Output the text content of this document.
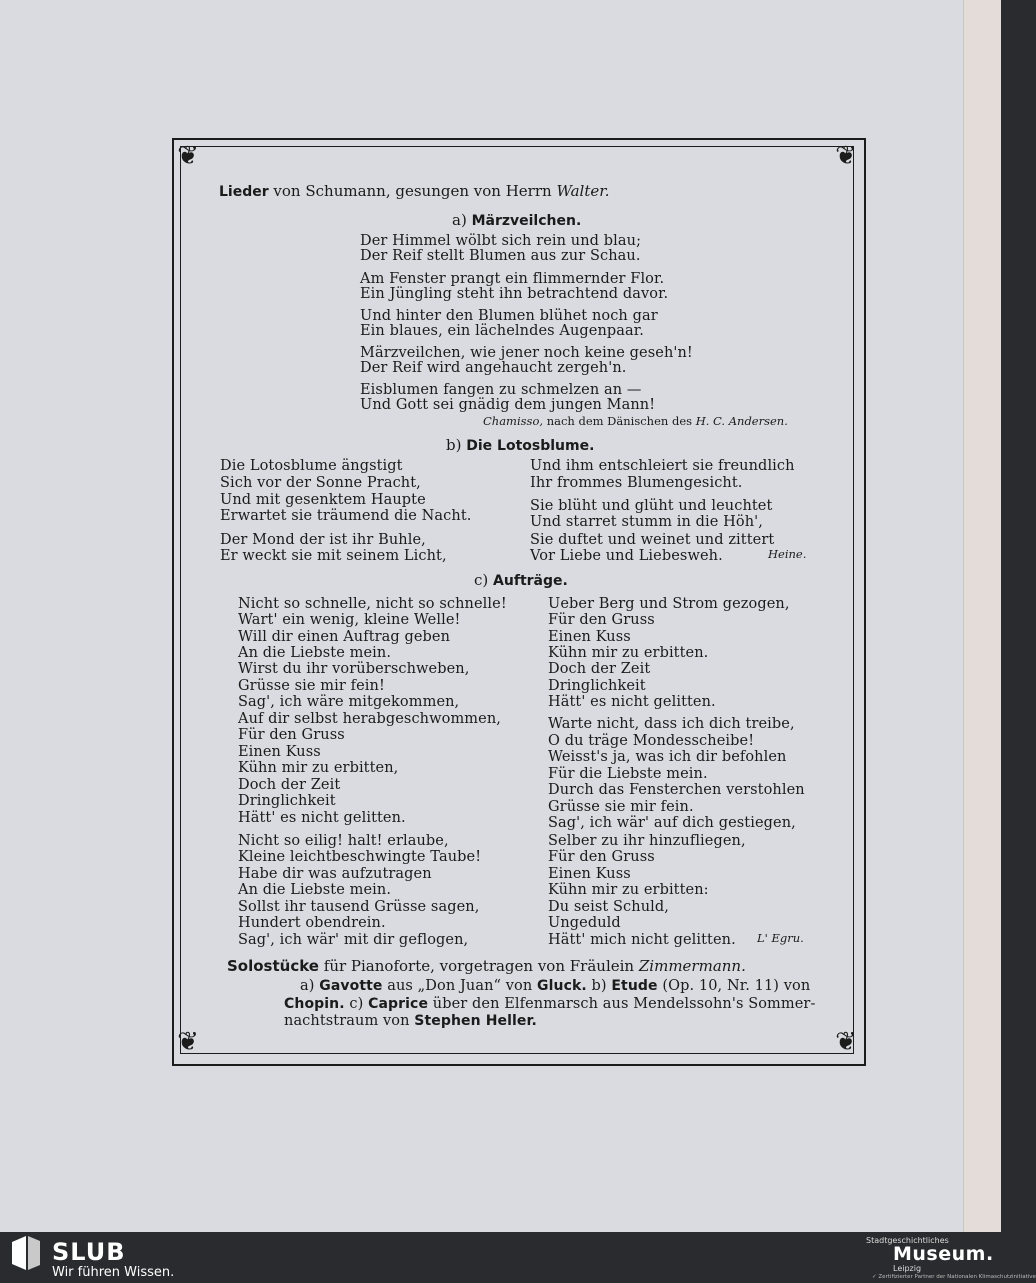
❦	❦
❦	❦
Lieder von Schumann, gesungen von Herrn Walter.
a) Märzveilchen.
Der Himmel wölbt sich rein und blau;
Der Reif stellt Blumen aus zur Schau.
Am Fenster prangt ein flimmernder Flor.
Ein Jüngling steht ihn betrachtend davor.
Und hinter den Blumen blühet noch gar
Ein blaues, ein lächelndes Augenpaar.
Märzveilchen, wie jener noch keine geseh'n!
Der Reif wird angehaucht zergeh'n.
Eisblumen fangen zu schmelzen an —
Und Gott sei gnädig dem jungen Mann!
Chamisso, nach dem Dänischen des H. C. Andersen.
b) Die Lotosblume.
Die Lotosblume ängstigt
Sich vor der Sonne Pracht,
Und mit gesenktem Haupte
Erwartet sie träumend die Nacht.
Der Mond der ist ihr Buhle,
Er weckt sie mit seinem Licht,
Und ihm entschleiert sie freundlich
Ihr frommes Blumengesicht.
Sie blüht und glüht und leuchtet
Und starret stumm in die Höh',
Sie duftet und weinet und zittert
Vor Liebe und Liebesweh.	Heine.
c) Aufträge.
Nicht so schnelle, nicht so schnelle!
Wart' ein wenig, kleine Welle!
Will dir einen Auftrag geben
An die Liebste mein.
Wirst du ihr vorüberschweben,
Grüsse sie mir fein!
Sag', ich wäre mitgekommen,
Auf dir selbst herabgeschwommen,
Für den Gruss
Einen Kuss
Kühn mir zu erbitten,
Doch der Zeit
Dringlichkeit
Hätt' es nicht gelitten.
Nicht so eilig! halt! erlaube,
Kleine leichtbeschwingte Taube!
Habe dir was aufzutragen
An die Liebste mein.
Sollst ihr tausend Grüsse sagen,
Hundert obendrein.
Sag', ich wär' mit dir geflogen,
Ueber Berg und Strom gezogen,
Für den Gruss
Einen Kuss
Kühn mir zu erbitten.
Doch der Zeit
Dringlichkeit
Hätt' es nicht gelitten.
Warte nicht, dass ich dich treibe,
O du träge Mondesscheibe!
Weisst's ja, was ich dir befohlen
Für die Liebste mein.
Durch das Fensterchen verstohlen
Grüsse sie mir fein.
Sag', ich wär' auf dich gestiegen,
Selber zu ihr hinzufliegen,
Für den Gruss
Einen Kuss
Kühn mir zu erbitten:
Du seist Schuld,
Ungeduld
Hätt' mich nicht gelitten. L' Egru.
Solostücke für Pianoforte, vorgetragen von Fräulein Zimmermann.
a) Gavotte aus „Don Juan“ von Gluck. b) Etude (Op. 10, Nr. 11) von
Chopin. c) Caprice über den Elfenmarsch aus Mendelssohn's Sommer-
nachtstraum von Stephen Heller.
SLUB
Wir führen Wissen.
Stadtgeschichtliches
Museum.
Leipzig
✓ Zertifizierter Partner der Nationalen Klimaschutzinitiative
